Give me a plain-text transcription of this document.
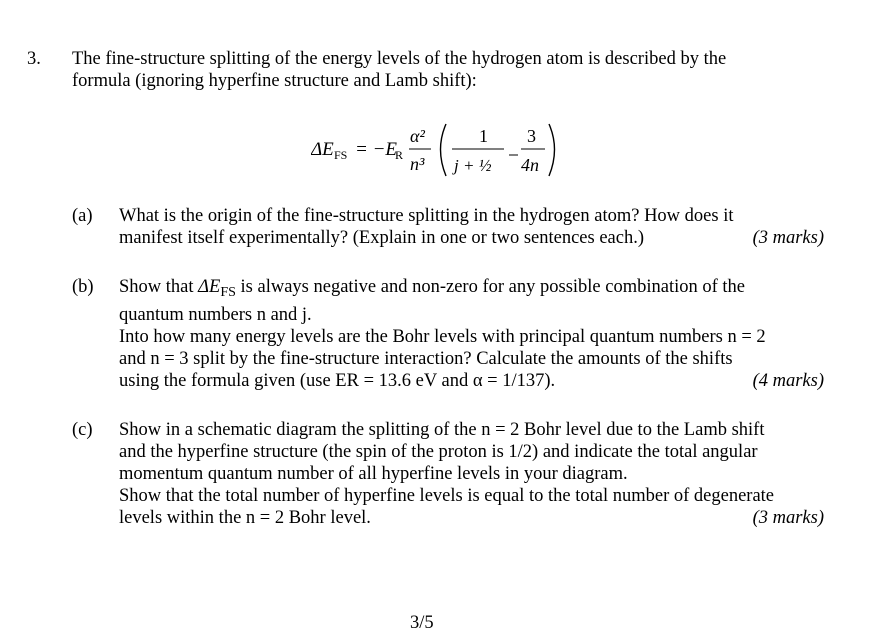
3. The fine-structure splitting of the energy levels of the hydrogen atom is described by the
formula (ignoring hyperfine structure and Lamb shift):
ΔE FS = −E
R
α²
n³
1
j + ½
3
4n
(a) What is the origin of the fine-structure splitting in the hydrogen atom? How does it
manifest itself experimentally? (Explain in one or two sentences each.)	(3 marks)
(b) Show that $\Delta E_{FS}$ is always negative and non-zero for any possible combination of the
quantum numbers n and j.
Into how many energy levels are the Bohr levels with principal quantum numbers n = 2
and n = 3 split by the fine-structure interaction? Calculate the amounts of the shifts
using the formula given (use ER = 13.6 eV and α = 1/137).	(4 marks)
(c) Show in a schematic diagram the splitting of the n = 2 Bohr level due to the Lamb shift
and the hyperfine structure (the spin of the proton is 1/2) and indicate the total angular
momentum quantum number of all hyperfine levels in your diagram.
Show that the total number of hyperfine levels is equal to the total number of degenerate
levels within the n = 2 Bohr level.	(3 marks)
3/5
